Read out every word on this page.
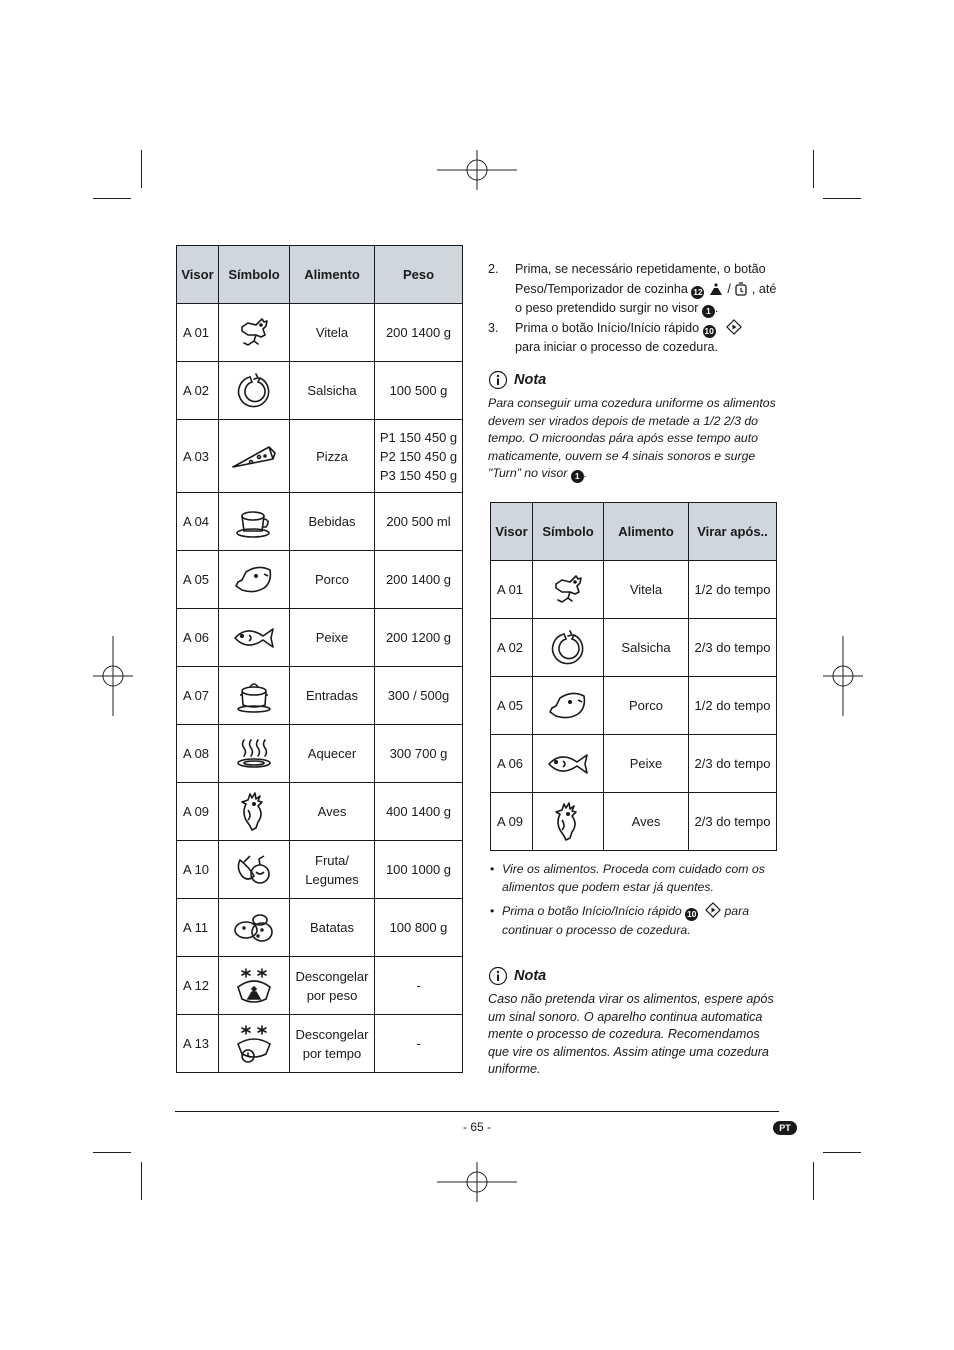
Visor	Símbolo	Alimento	Peso
A 01		Vitela	200 1400 g
A 02		Salsicha	100 500 g
A 03		Pizza	P1 150 450 g
P2 150 450 g
P3 150 450 g
A 04		Bebidas	200 500 ml
A 05		Porco	200 1400 g
A 06		Peixe	200 1200 g
A 07		Entradas	300 / 500g
A 08		Aquecer	300 700 g
A 09		Aves	400 1400 g
A 10		Fruta/
Legumes	100 1000 g
A 11		Batatas	100 800 g
A 12		Descongelar
por peso	-
A 13		Descongelar
por tempo	-
2. Prima, se necessário repetidamente, o botão Peso/Temporizador de cozinha 12  /  , até o peso pretendido surgir no visor 1 .
3. Prima o botão Início/Início rápido 10
para iniciar o processo de cozedura.
Nota
Para conseguir uma cozedura uniforme os alimentos devem ser virados depois de metade a 1/2 2/3 do tempo. O microondas pára após esse tempo auto maticamente, ouvem se 4 sinais sonoros e surge "Turn” no visor 1 .
Visor	Símbolo	Alimento	Virar após..
A 01		Vitela	1/2 do tempo
A 02		Salsicha	2/3 do tempo
A 05		Porco	1/2 do tempo
A 06		Peixe	2/3 do tempo
A 09		Aves	2/3 do tempo
• Vire os alimentos. Proceda com cuidado com os alimentos que podem estar já quentes.
• Prima o botão Início/Início rápido 10   para continuar o processo de cozedura.
Nota
Caso não pretenda virar os alimentos, espere após um sinal sonoro. O aparelho continua automatica mente o processo de cozedura. Recomendamos que vire os alimentos. Assim atinge uma cozedura uniforme.
- 65 -	PT
